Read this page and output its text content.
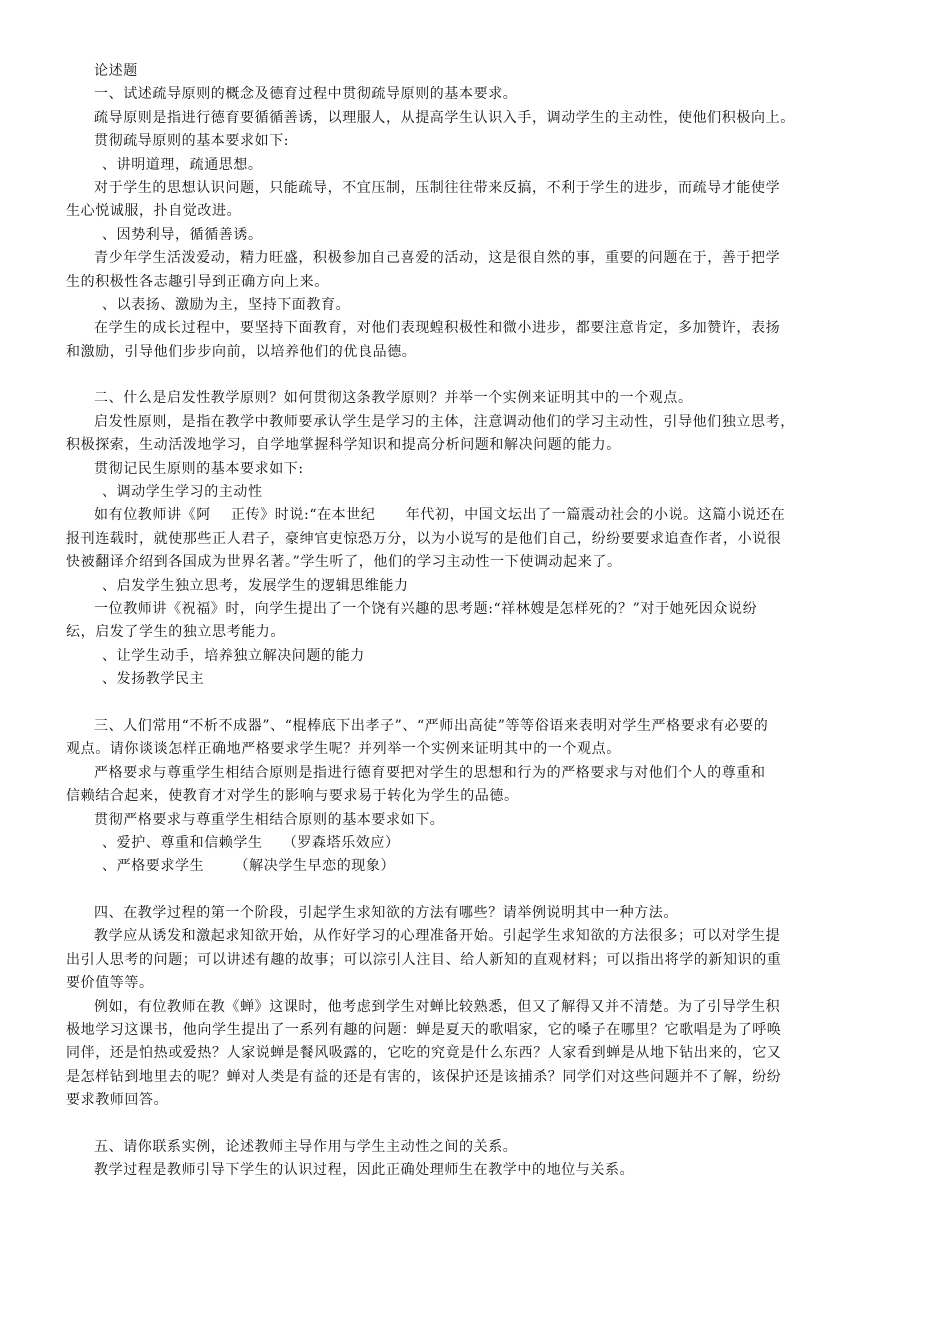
论述题
一、试述疏导原则的概念及德育过程中贯彻疏导原则的基本要求。
疏导原则是指进行德育要循循善诱，以理服人，从提高学生认识入手，调动学生的主动性，使他们积极向上。
贯彻疏导原则的基本要求如下:
、讲明道理，疏通思想。
对于学生的思想认识问题，只能疏导，不宜压制，压制往往带来反搞，不利于学生的进步，而疏导才能使学
生心悦诚服，扑自觉改进。
、因势利导，循循善诱。
青少年学生活泼爱动，精力旺盛，积极参加自己喜爱的活动，这是很自然的事，重要的问题在于，善于把学
生的积极性各志趣引导到正确方向上来。
、以表扬、激励为主，坚持下面教育。
在学生的成长过程中，要坚持下面教育，对他们表现蝗积极性和微小进步，都要注意肯定，多加赞许，表扬
和激励，引导他们步步向前，以培养他们的优良品德。
二、什么是启发性教学原则？如何贯彻这条教学原则？并举一个实例来证明其中的一个观点。
启发性原则，是指在教学中教师要承认学生是学习的主体，注意调动他们的学习主动性，引导他们独立思考，
积极探索，生动活泼地学习，自学地掌握科学知识和提高分析问题和解决问题的能力。
贯彻记民生原则的基本要求如下:
、调动学生学习的主动性
如有位教师讲《阿    正传》时说:“在本世纪      年代初，中国文坛出了一篇震动社会的小说。这篇小说还在
报刊连载时，就使那些正人君子，豪绅官吏惊恐万分，以为小说写的是他们自己，纷纷要要求追查作者，小说很
快被翻译介绍到各国成为世界名著。”学生听了，他们的学习主动性一下使调动起来了。
、启发学生独立思考，发展学生的逻辑思维能力
一位教师讲《祝福》时，向学生提出了一个饶有兴趣的思考题:“祥林嫂是怎样死的？”对于她死因众说纷
纭，启发了学生的独立思考能力。
、让学生动手，培养独立解决问题的能力
、发扬教学民主
三、人们常用“不析不成器”、“棍棒底下出孝子”、“严师出高徒”等等俗语来表明对学生严格要求有必要的
观点。请你谈谈怎样正确地严格要求学生呢？并列举一个实例来证明其中的一个观点。
严格要求与尊重学生相结合原则是指进行德育要把对学生的思想和行为的严格要求与对他们个人的尊重和
信赖结合起来，使教育才对学生的影响与要求易于转化为学生的品德。
贯彻严格要求与尊重学生相结合原则的基本要求如下。
、爱护、尊重和信赖学生    （罗森塔乐效应）
、严格要求学生      （解决学生早恋的现象）
四、在教学过程的第一个阶段，引起学生求知欲的方法有哪些？请举例说明其中一种方法。
教学应从诱发和激起求知欲开始，从作好学习的心理准备开始。引起学生求知欲的方法很多；可以对学生提
出引人思考的问题；可以讲述有趣的故事；可以淙引人注目、给人新知的直观材料；可以指出将学的新知识的重
要价值等等。
例如，有位教师在教《蝉》这课时，他考虑到学生对蝉比较熟悉，但又了解得又并不清楚。为了引导学生积
极地学习这课书，他向学生提出了一系列有趣的问题：蝉是夏天的歌唱家，它的嗓子在哪里？它歌唱是为了呼唤
同伴，还是怕热或爱热？人家说蝉是餐风吸露的，它吃的究竟是什么东西？人家看到蝉是从地下钻出来的，它又
是怎样钻到地里去的呢？蝉对人类是有益的还是有害的，该保护还是该捕杀？同学们对这些问题并不了解，纷纷
要求教师回答。
五、请你联系实例，论述教师主导作用与学生主动性之间的关系。
教学过程是教师引导下学生的认识过程，因此正确处理师生在教学中的地位与关系。
